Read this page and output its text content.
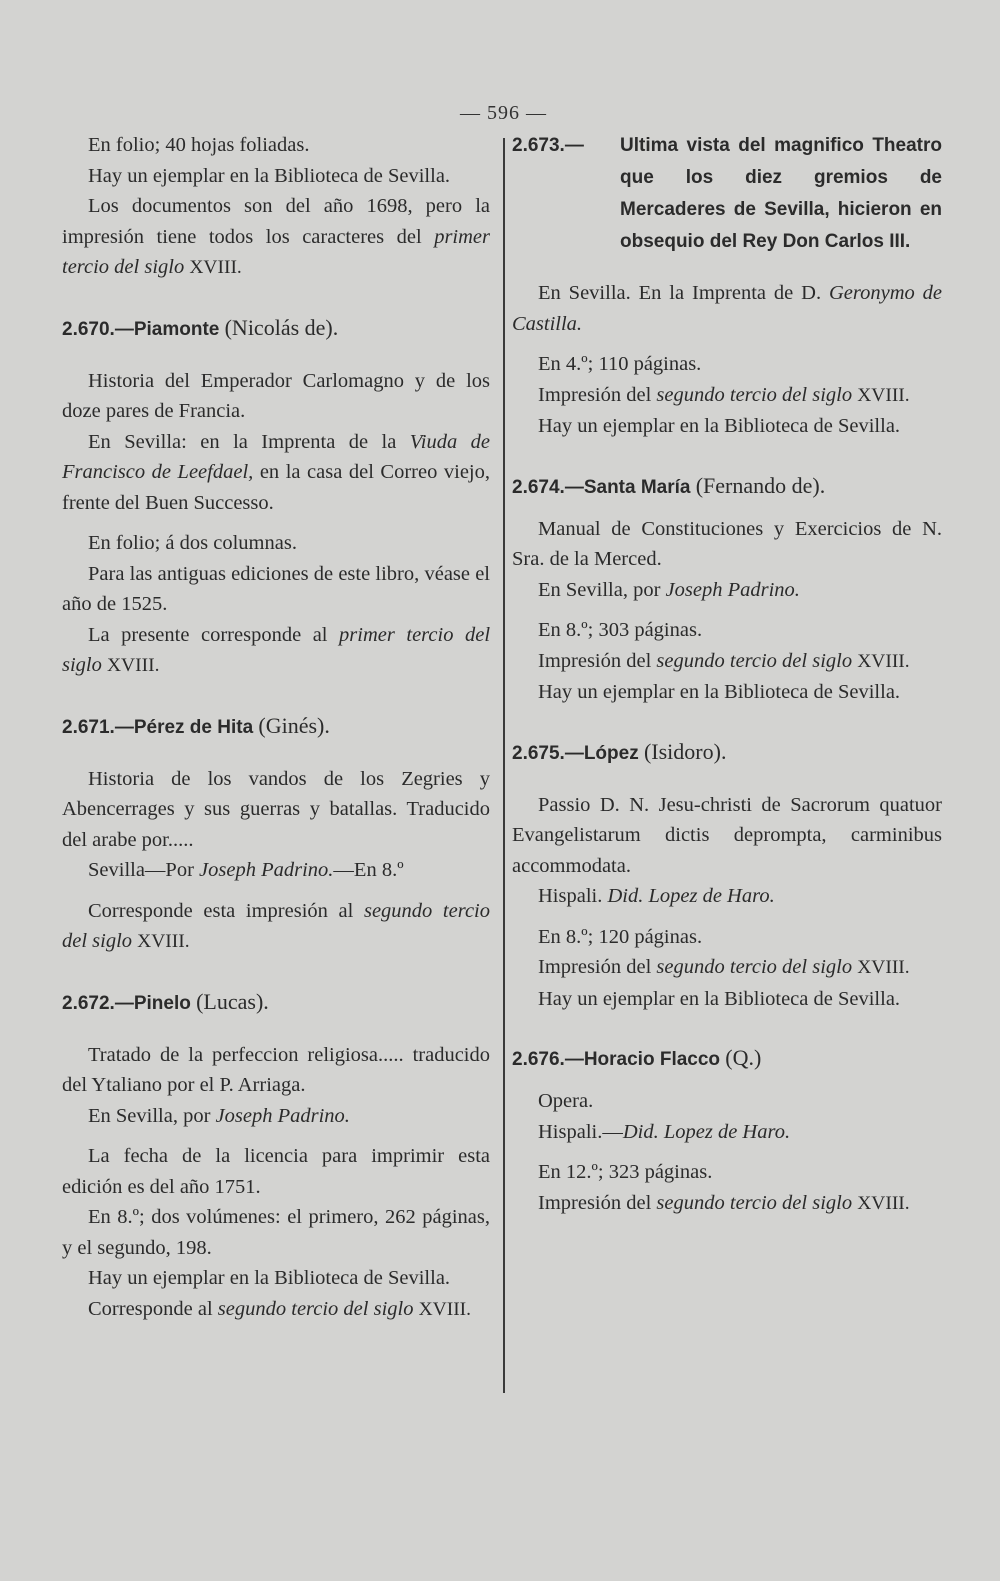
— 596 —

En folio; 40 hojas foliadas.

Hay un ejemplar en la Biblioteca de Sevilla.

Los documentos son del año 1698, pero la impresión tiene todos los caracteres del primer tercio del siglo XVIII.

2.670.—Piamonte (Nicolás de).

Historia del Emperador Carlomagno y de los doze pares de Francia.

En Sevilla: en la Imprenta de la Viuda de Francisco de Leefdael, en la casa del Correo viejo, frente del Buen Successo.

En folio; á dos columnas.

Para las antiguas ediciones de este libro, véase el año de 1525.

La presente corresponde al primer tercio del siglo XVIII.

2.671.—Pérez de Hita (Ginés).

Historia de los vandos de los Zegries y Abencerrages y sus guerras y batallas. Traducido del arabe por.....

Sevilla—Por Joseph Padrino.—En 8.º

Corresponde esta impresión al segundo tercio del siglo XVIII.

2.672.—Pinelo (Lucas).

Tratado de la perfeccion religiosa..... traducido del Ytaliano por el P. Arriaga.

En Sevilla, por Joseph Padrino.

La fecha de la licencia para imprimir esta edición es del año 1751.

En 8.º; dos volúmenes: el primero, 262 páginas, y el segundo, 198.

Hay un ejemplar en la Biblioteca de Sevilla.

Corresponde al segundo tercio del siglo XVIII.

2.673.—	Ultima vista del magnifico Theatro que los diez gremios de Mercaderes de Sevilla, hicieron en obsequio del Rey Don Carlos III.

En Sevilla. En la Imprenta de D. Geronymo de Castilla.

En 4.º; 110 páginas.

Impresión del segundo tercio del siglo XVIII.

Hay un ejemplar en la Biblioteca de Sevilla.

2.674.—Santa María (Fernando de).

Manual de Constituciones y Exercicios de N. Sra. de la Merced.

En Sevilla, por Joseph Padrino.

En 8.º; 303 páginas.

Impresión del segundo tercio del siglo XVIII.

Hay un ejemplar en la Biblioteca de Sevilla.

2.675.—López (Isidoro).

Passio D. N. Jesu-christi de Sacrorum quatuor Evangelistarum dictis deprompta, carminibus accommodata.

Hispali. Did. Lopez de Haro.

En 8.º; 120 páginas.

Impresión del segundo tercio del siglo XVIII.

Hay un ejemplar en la Biblioteca de Sevilla.

2.676.—Horacio Flacco (Q.)

Opera.

Hispali.—Did. Lopez de Haro.

En 12.º; 323 páginas.

Impresión del segundo tercio del siglo XVIII.
